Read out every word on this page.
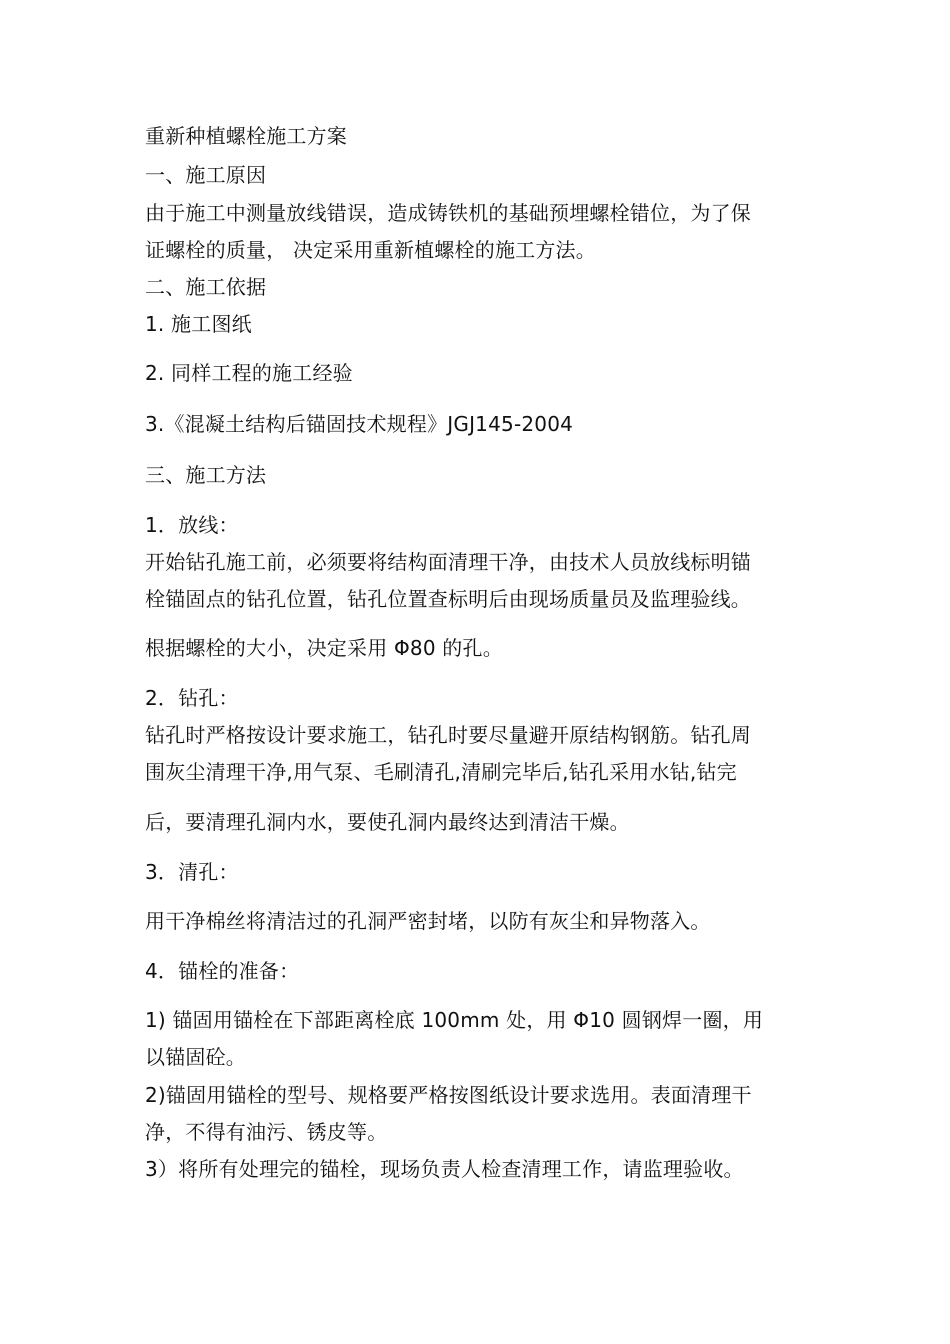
重新种植螺栓施工方案
一、施工原因
由于施工中测量放线错误，造成铸铁机的基础预埋螺栓错位，为了保
证螺栓的质量， 决定采用重新植螺栓的施工方法。
二、施工依据
1. 施工图纸
2. 同样工程的施工经验
3.《混凝土结构后锚固技术规程》JGJ145-2004
三、施工方法
1．放线：
开始钻孔施工前，必须要将结构面清理干净，由技术人员放线标明锚
栓锚固点的钻孔位置，钻孔位置查标明后由现场质量员及监理验线。
根据螺栓的大小，决定采用 Φ80 的孔。
2．钻孔：
钻孔时严格按设计要求施工，钻孔时要尽量避开原结构钢筋。钻孔周
围灰尘清理干净,用气泵、毛刷清孔,清刷完毕后,钻孔采用水钻,钻完
后，要清理孔洞内水，要使孔洞内最终达到清洁干燥。
3．清孔：
用干净棉丝将清洁过的孔洞严密封堵，以防有灰尘和异物落入。
4．锚栓的准备：
1) 锚固用锚栓在下部距离栓底 100mm 处，用 Φ10 圆钢焊一圈，用
以锚固砼。
2)锚固用锚栓的型号、规格要严格按图纸设计要求选用。表面清理干
净，不得有油污、锈皮等。
3）将所有处理完的锚栓，现场负责人检查清理工作，请监理验收。
